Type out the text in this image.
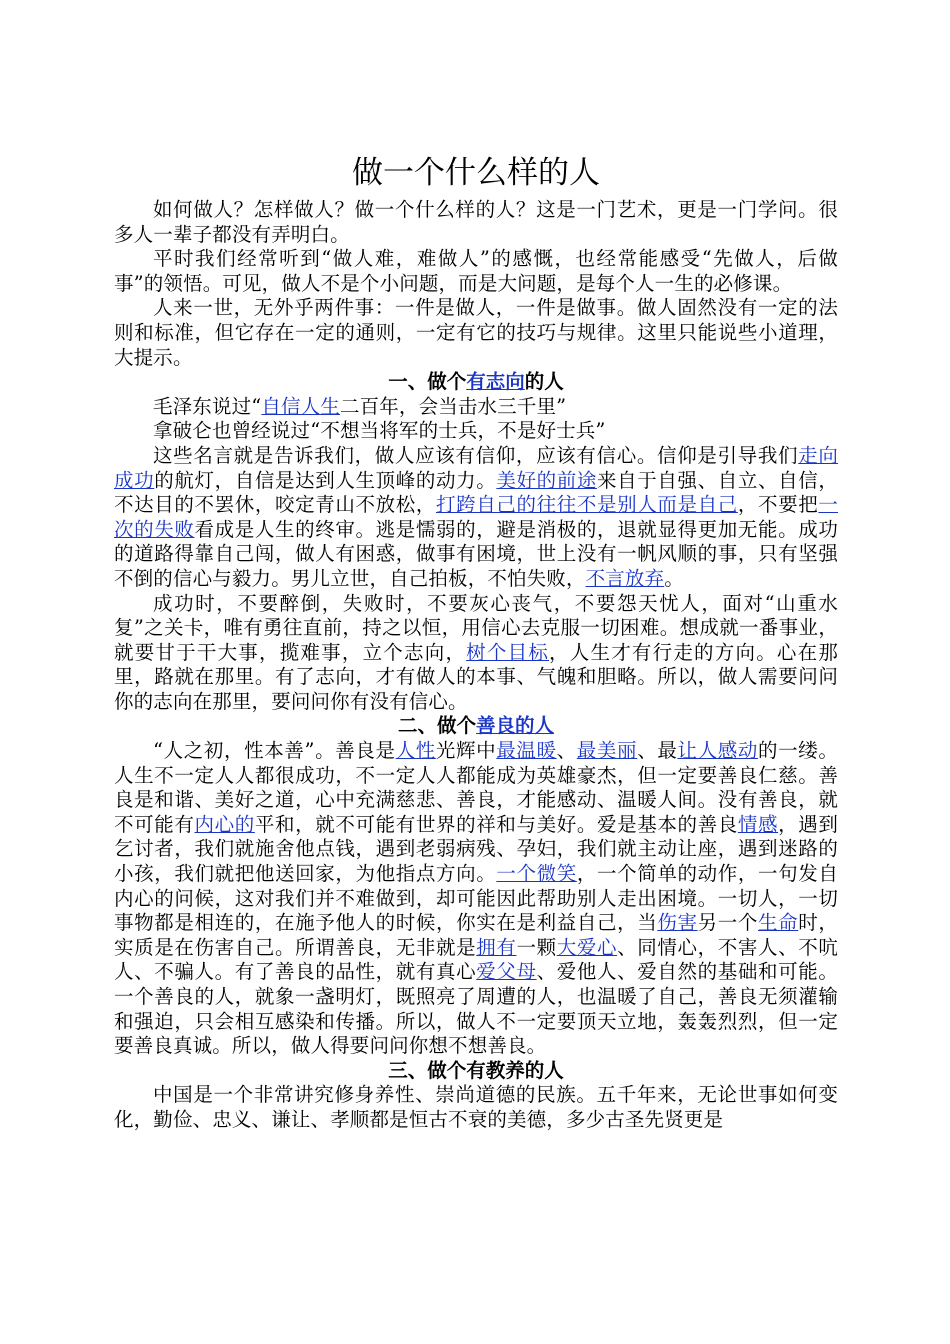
做一个什么样的人

如何做人？怎样做人？做一个什么样的人？这是一门艺术，更是一门学问。很多人一辈子都没有弄明白。

平时我们经常听到“做人难，难做人”的感慨，也经常能感受“先做人，后做事”的领悟。可见，做人不是个小问题，而是大问题，是每个人一生的必修课。

人来一世，无外乎两件事：一件是做人，一件是做事。做人固然没有一定的法则和标准，但它存在一定的通则，一定有它的技巧与规律。这里只能说些小道理，大提示。

一、做个有志向的人

毛泽东说过“自信人生二百年，会当击水三千里”

拿破仑也曾经说过“不想当将军的士兵，不是好士兵”

这些名言就是告诉我们，做人应该有信仰，应该有信心。信仰是引导我们走向成功的航灯，自信是达到人生顶峰的动力。美好的前途来自于自强、自立、自信，不达目的不罢休，咬定青山不放松，打跨自己的往往不是别人而是自己，不要把一次的失败看成是人生的终审。逃是懦弱的，避是消极的，退就显得更加无能。成功的道路得靠自己闯，做人有困惑，做事有困境，世上没有一帆风顺的事，只有坚强不倒的信心与毅力。男儿立世，自己拍板，不怕失败，不言放弃。

成功时，不要醉倒，失败时，不要灰心丧气，不要怨天忧人，面对“山重水复”之关卡，唯有勇往直前，持之以恒，用信心去克服一切困难。想成就一番事业，就要甘于干大事，揽难事，立个志向，树个目标，人生才有行走的方向。心在那里，路就在那里。有了志向，才有做人的本事、气魄和胆略。所以，做人需要问问你的志向在那里，要问问你有没有信心。

二、做个善良的人

“人之初，性本善”。善良是人性光辉中最温暖、最美丽、最让人感动的一缕。人生不一定人人都很成功，不一定人人都能成为英雄豪杰，但一定要善良仁慈。善良是和谐、美好之道，心中充满慈悲、善良，才能感动、温暖人间。没有善良，就不可能有内心的平和，就不可能有世界的祥和与美好。爱是基本的善良情感，遇到乞讨者，我们就施舍他点钱，遇到老弱病残、孕妇，我们就主动让座，遇到迷路的小孩，我们就把他送回家，为他指点方向。一个微笑，一个简单的动作，一句发自内心的问候，这对我们并不难做到，却可能因此帮助别人走出困境。一切人，一切事物都是相连的，在施予他人的时候，你实在是利益自己，当伤害另一个生命时，实质是在伤害自己。所谓善良，无非就是拥有一颗大爱心、同情心，不害人、不吭人、不骗人。有了善良的品性，就有真心爱父母、爱他人、爱自然的基础和可能。一个善良的人，就象一盏明灯，既照亮了周遭的人，也温暖了自己，善良无须灌输和强迫，只会相互感染和传播。所以，做人不一定要顶天立地，轰轰烈烈，但一定要善良真诚。所以，做人得要问问你想不想善良。

三、做个有教养的人

中国是一个非常讲究修身养性、崇尚道德的民族。五千年来，无论世事如何变化，勤俭、忠义、谦让、孝顺都是恒古不衰的美德，多少古圣先贤更是
